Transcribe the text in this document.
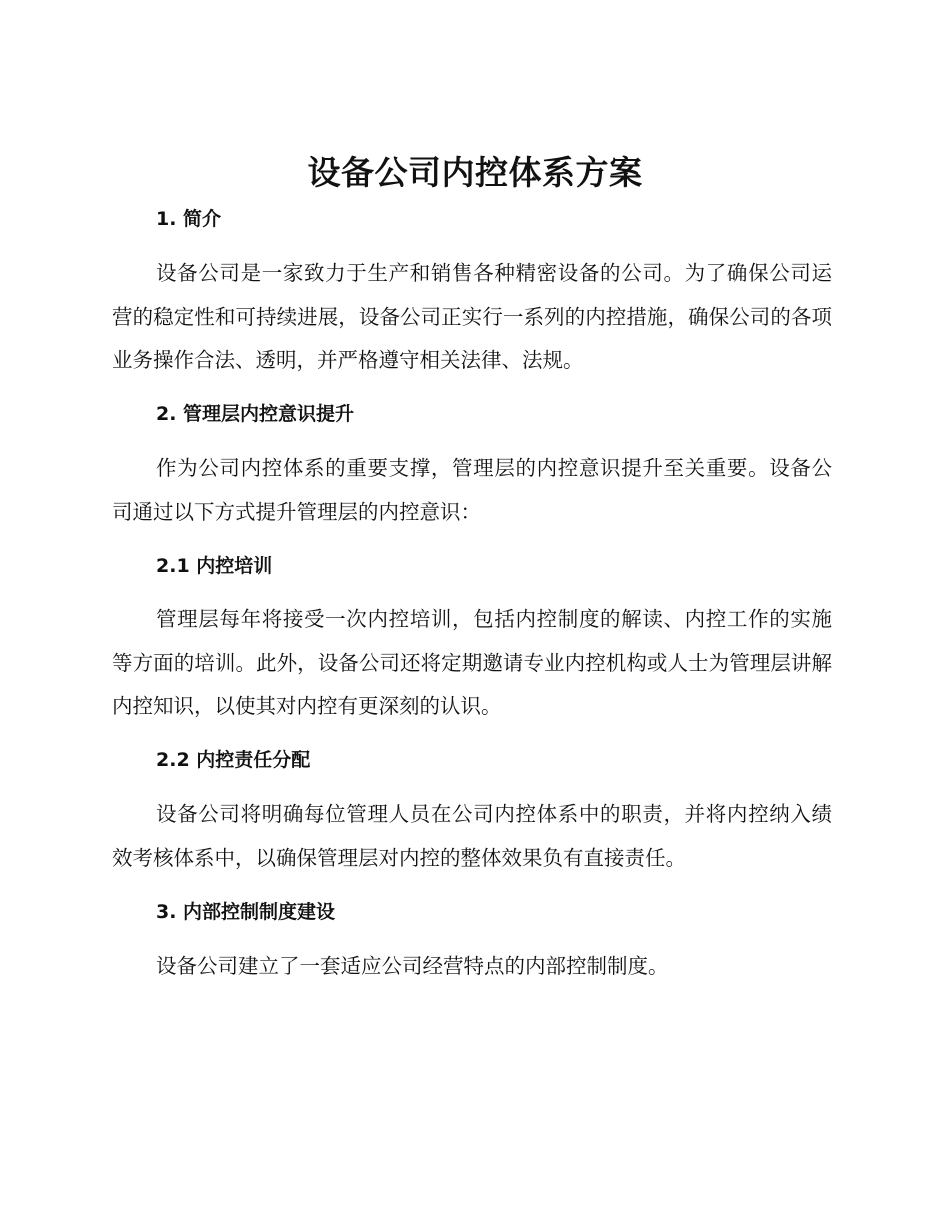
设备公司内控体系方案
1. 简介

设备公司是一家致力于生产和销售各种精密设备的公司。为了确保公司运营的稳定性和可持续进展，设备公司正实行一系列的内控措施，确保公司的各项业务操作合法、透明，并严格遵守相关法律、法规。

2. 管理层内控意识提升

作为公司内控体系的重要支撑，管理层的内控意识提升至关重要。设备公司通过以下方式提升管理层的内控意识：

2.1 内控培训

管理层每年将接受一次内控培训，包括内控制度的解读、内控工作的实施等方面的培训。此外，设备公司还将定期邀请专业内控机构或人士为管理层讲解内控知识，以使其对内控有更深刻的认识。

2.2 内控责任分配

设备公司将明确每位管理人员在公司内控体系中的职责，并将内控纳入绩效考核体系中，以确保管理层对内控的整体效果负有直接责任。

3. 内部控制制度建设

设备公司建立了一套适应公司经营特点的内部控制制度。
